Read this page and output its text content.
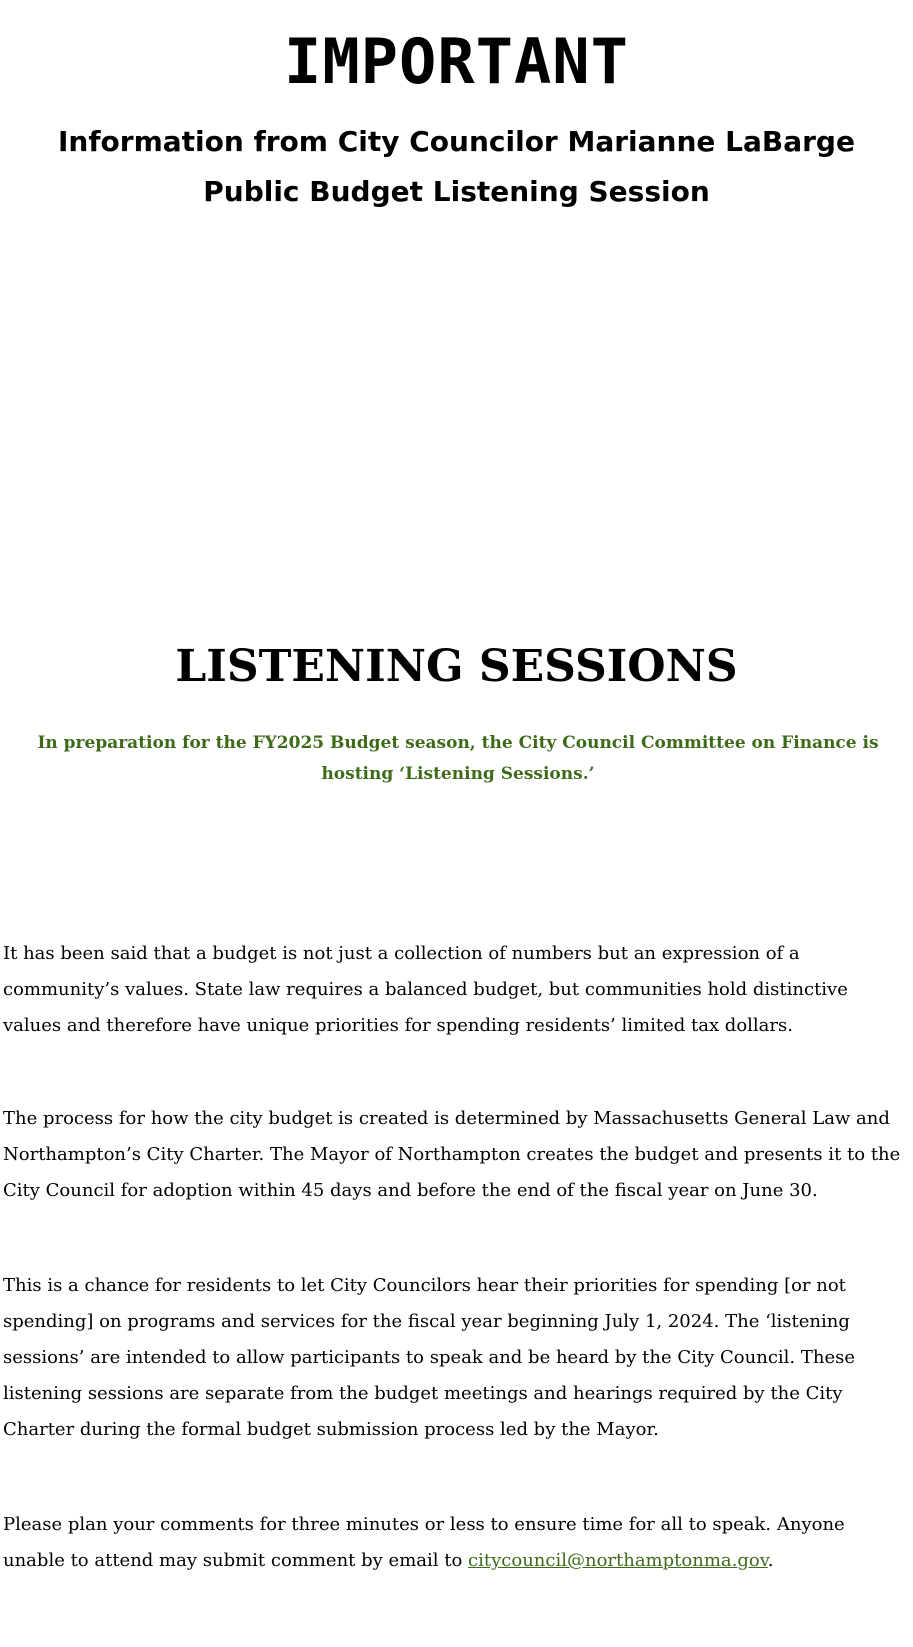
IMPORTANT
Information from City Councilor Marianne LaBarge
Public Budget Listening Session
LISTENING SESSIONS

In preparation for the FY2025 Budget season, the City Council Committee on Finance is hosting ‘Listening Sessions.’

It has been said that a budget is not just a collection of numbers but an expression of a community’s values. State law requires a balanced budget, but communities hold distinctive values and therefore have unique priorities for spending residents’ limited tax dollars.

The process for how the city budget is created is determined by Massachusetts General Law and Northampton’s City Charter. The Mayor of Northampton creates the budget and presents it to the City Council for adoption within 45 days and before the end of the fiscal year on June 30.

This is a chance for residents to let City Councilors hear their priorities for spending [or not spending] on programs and services for the fiscal year beginning July 1, 2024. The ‘listening sessions’ are intended to allow participants to speak and be heard by the City Council. These listening sessions are separate from the budget meetings and hearings required by the City Charter during the formal budget submission process led by the Mayor.

Please plan your comments for three minutes or less to ensure time for all to speak. Anyone unable to attend may submit comment by email to citycouncil@northamptonma.gov.
